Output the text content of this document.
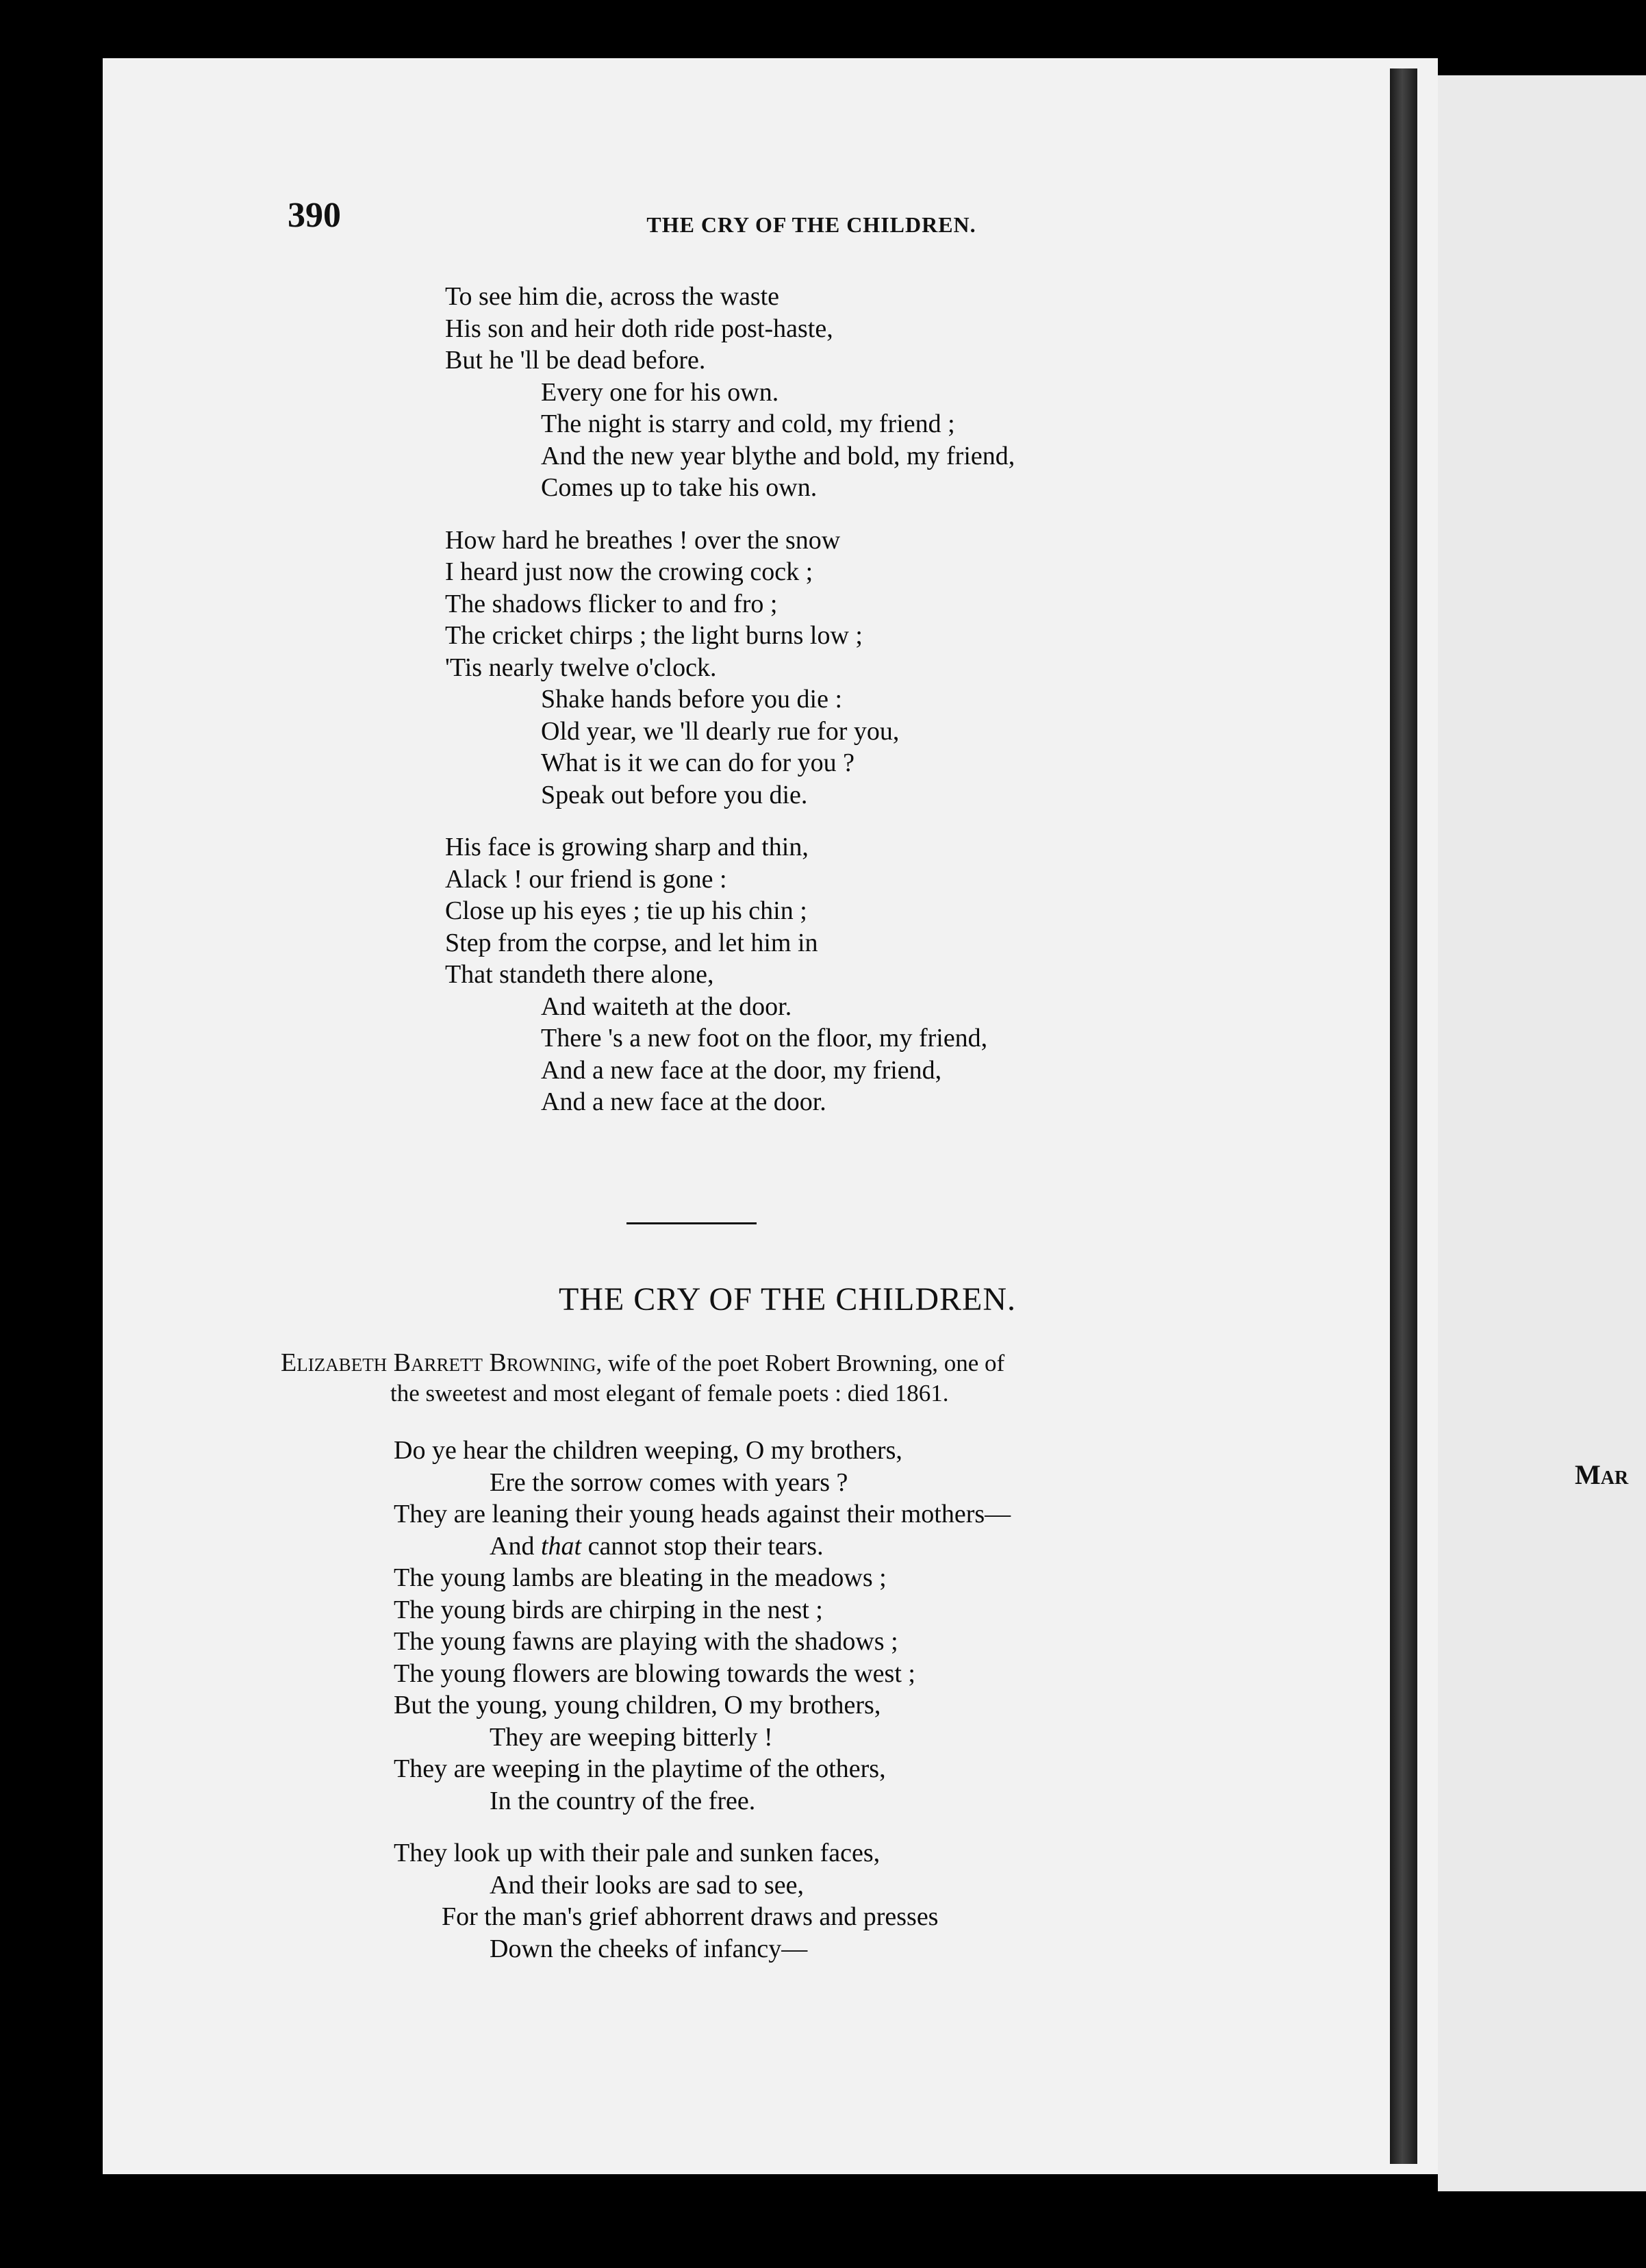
Mar
390	THE CRY OF THE CHILDREN.
To see him die, across the waste
His son and heir doth ride post-haste,
But he 'll be dead before.
Every one for his own.
The night is starry and cold, my friend ;
And the new year blythe and bold, my friend,
Comes up to take his own.
How hard he breathes ! over the snow
I heard just now the crowing cock ;
The shadows flicker to and fro ;
The cricket chirps ; the light burns low ;
'Tis nearly twelve o'clock.
Shake hands before you die :
Old year, we 'll dearly rue for you,
What is it we can do for you ?
Speak out before you die.
His face is growing sharp and thin,
Alack ! our friend is gone :
Close up his eyes ; tie up his chin ;
Step from the corpse, and let him in
That standeth there alone,
And waiteth at the door.
There 's a new foot on the floor, my friend,
And a new face at the door, my friend,
And a new face at the door.
THE CRY OF THE CHILDREN.
Elizabeth Barrett Browning, wife of the poet Robert Browning, one of
the sweetest and most elegant of female poets : died 1861.
Do ye hear the children weeping, O my brothers,
Ere the sorrow comes with years ?
They are leaning their young heads against their mothers—
And that cannot stop their tears.
The young lambs are bleating in the meadows ;
The young birds are chirping in the nest ;
The young fawns are playing with the shadows ;
The young flowers are blowing towards the west ;
But the young, young children, O my brothers,
They are weeping bitterly !
They are weeping in the playtime of the others,
In the country of the free.
They look up with their pale and sunken faces,
And their looks are sad to see,
For the man's grief abhorrent draws and presses
Down the cheeks of infancy—
